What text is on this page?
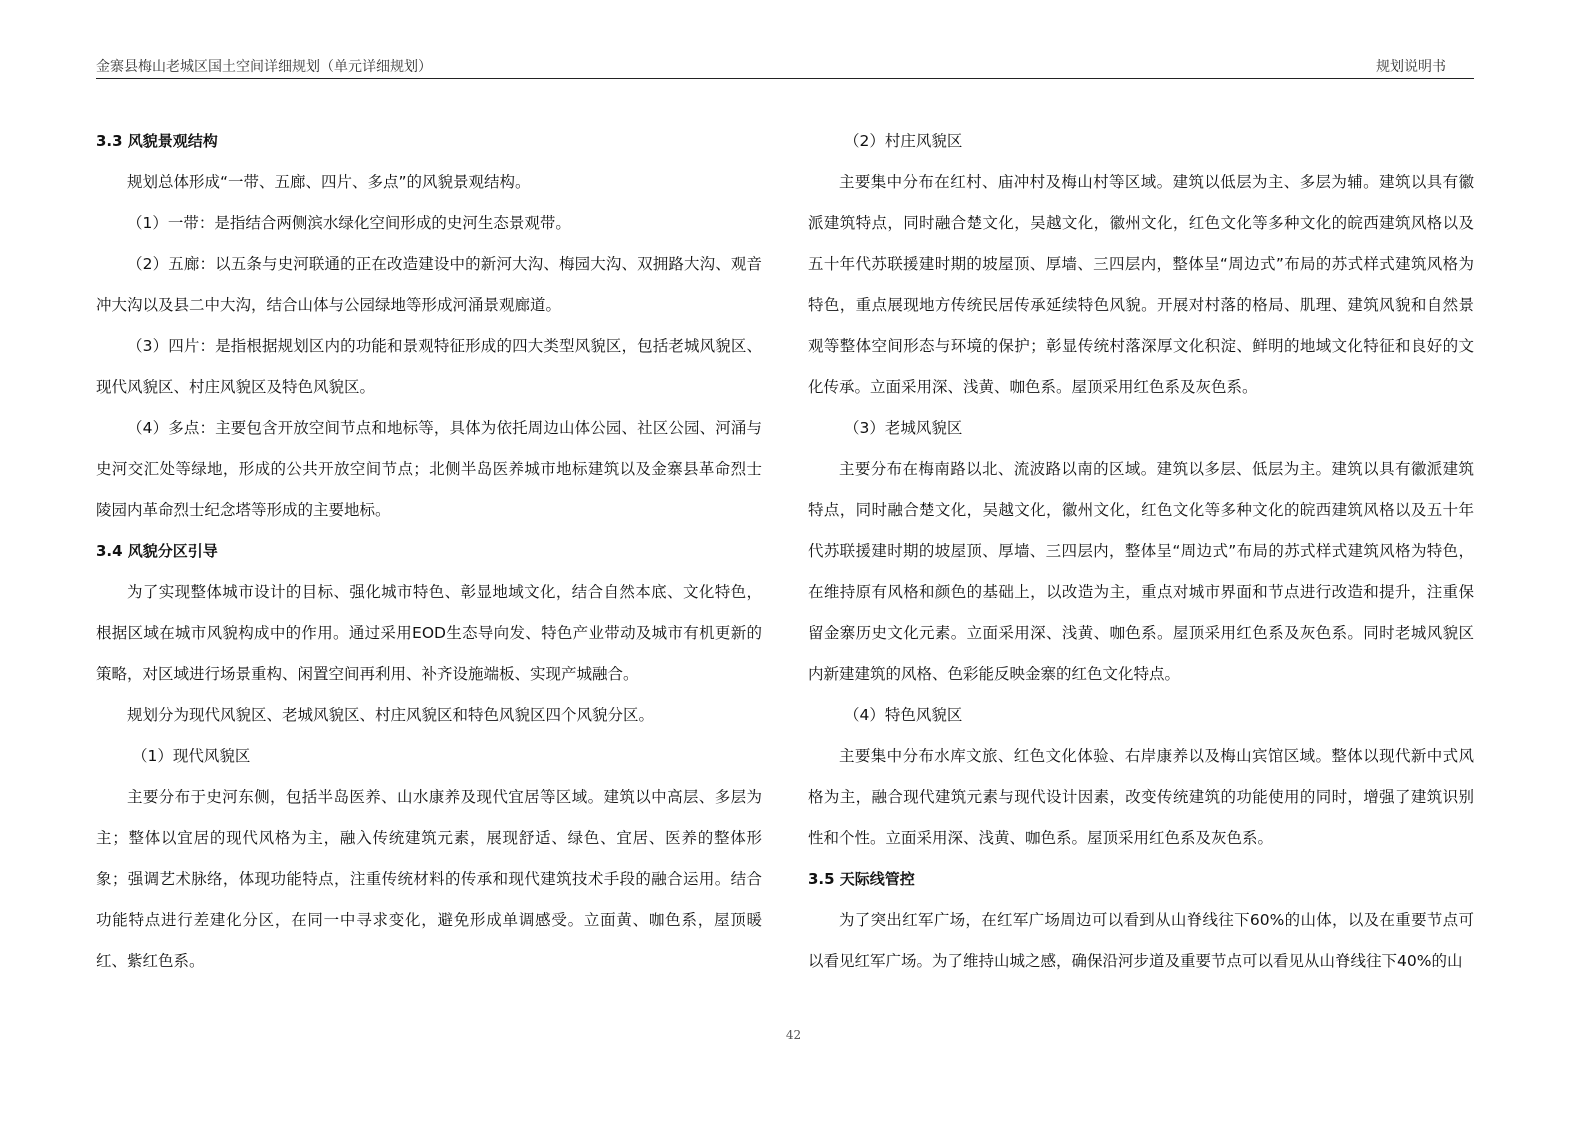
金寨县梅山老城区国土空间详细规划（单元详细规划）	规划说明书

3.3 风貌景观结构

规划总体形成“一带、五廊、四片、多点”的风貌景观结构。

（1）一带：是指结合两侧滨水绿化空间形成的史河生态景观带。

（2）五廊：以五条与史河联通的正在改造建设中的新河大沟、梅园大沟、双拥路大沟、观音冲大沟以及县二中大沟，结合山体与公园绿地等形成河涌景观廊道。

（3）四片：是指根据规划区内的功能和景观特征形成的四大类型风貌区，包括老城风貌区、现代风貌区、村庄风貌区及特色风貌区。

（4）多点：主要包含开放空间节点和地标等，具体为依托周边山体公园、社区公园、河涌与史河交汇处等绿地，形成的公共开放空间节点；北侧半岛医养城市地标建筑以及金寨县革命烈士陵园内革命烈士纪念塔等形成的主要地标。

3.4 风貌分区引导

为了实现整体城市设计的目标、强化城市特色、彰显地域文化，结合自然本底、文化特色，根据区域在城市风貌构成中的作用。通过采用EOD生态导向发、特色产业带动及城市有机更新的策略，对区域进行场景重构、闲置空间再利用、补齐设施端板、实现产城融合。

规划分为现代风貌区、老城风貌区、村庄风貌区和特色风貌区四个风貌分区。

（1）现代风貌区

主要分布于史河东侧，包括半岛医养、山水康养及现代宜居等区域。建筑以中高层、多层为主；整体以宜居的现代风格为主，融入传统建筑元素，展现舒适、绿色、宜居、医养的整体形象；强调艺术脉络，体现功能特点，注重传统材料的传承和现代建筑技术手段的融合运用。结合功能特点进行差建化分区，在同一中寻求变化，避免形成单调感受。立面黄、咖色系，屋顶暖红、紫红色系。

（2）村庄风貌区

主要集中分布在红村、庙冲村及梅山村等区域。建筑以低层为主、多层为辅。建筑以具有徽派建筑特点，同时融合楚文化，吴越文化，徽州文化，红色文化等多种文化的皖西建筑风格以及五十年代苏联援建时期的坡屋顶、厚墙、三四层内，整体呈“周边式”布局的苏式样式建筑风格为特色，重点展现地方传统民居传承延续特色风貌。开展对村落的格局、肌理、建筑风貌和自然景观等整体空间形态与环境的保护；彰显传统村落深厚文化积淀、鲜明的地域文化特征和良好的文化传承。立面采用深、浅黄、咖色系。屋顶采用红色系及灰色系。

（3）老城风貌区

主要分布在梅南路以北、流波路以南的区域。建筑以多层、低层为主。建筑以具有徽派建筑特点，同时融合楚文化，吴越文化，徽州文化，红色文化等多种文化的皖西建筑风格以及五十年代苏联援建时期的坡屋顶、厚墙、三四层内，整体呈“周边式”布局的苏式样式建筑风格为特色，在维持原有风格和颜色的基础上，以改造为主，重点对城市界面和节点进行改造和提升，注重保留金寨历史文化元素。立面采用深、浅黄、咖色系。屋顶采用红色系及灰色系。同时老城风貌区内新建建筑的风格、色彩能反映金寨的红色文化特点。

（4）特色风貌区

主要集中分布水库文旅、红色文化体验、右岸康养以及梅山宾馆区域。整体以现代新中式风格为主，融合现代建筑元素与现代设计因素，改变传统建筑的功能使用的同时，增强了建筑识别性和个性。立面采用深、浅黄、咖色系。屋顶采用红色系及灰色系。

3.5 天际线管控

为了突出红军广场，在红军广场周边可以看到从山脊线往下60%的山体，以及在重要节点可以看见红军广场。为了维持山城之感，确保沿河步道及重要节点可以看见从山脊线往下40%的山

42
